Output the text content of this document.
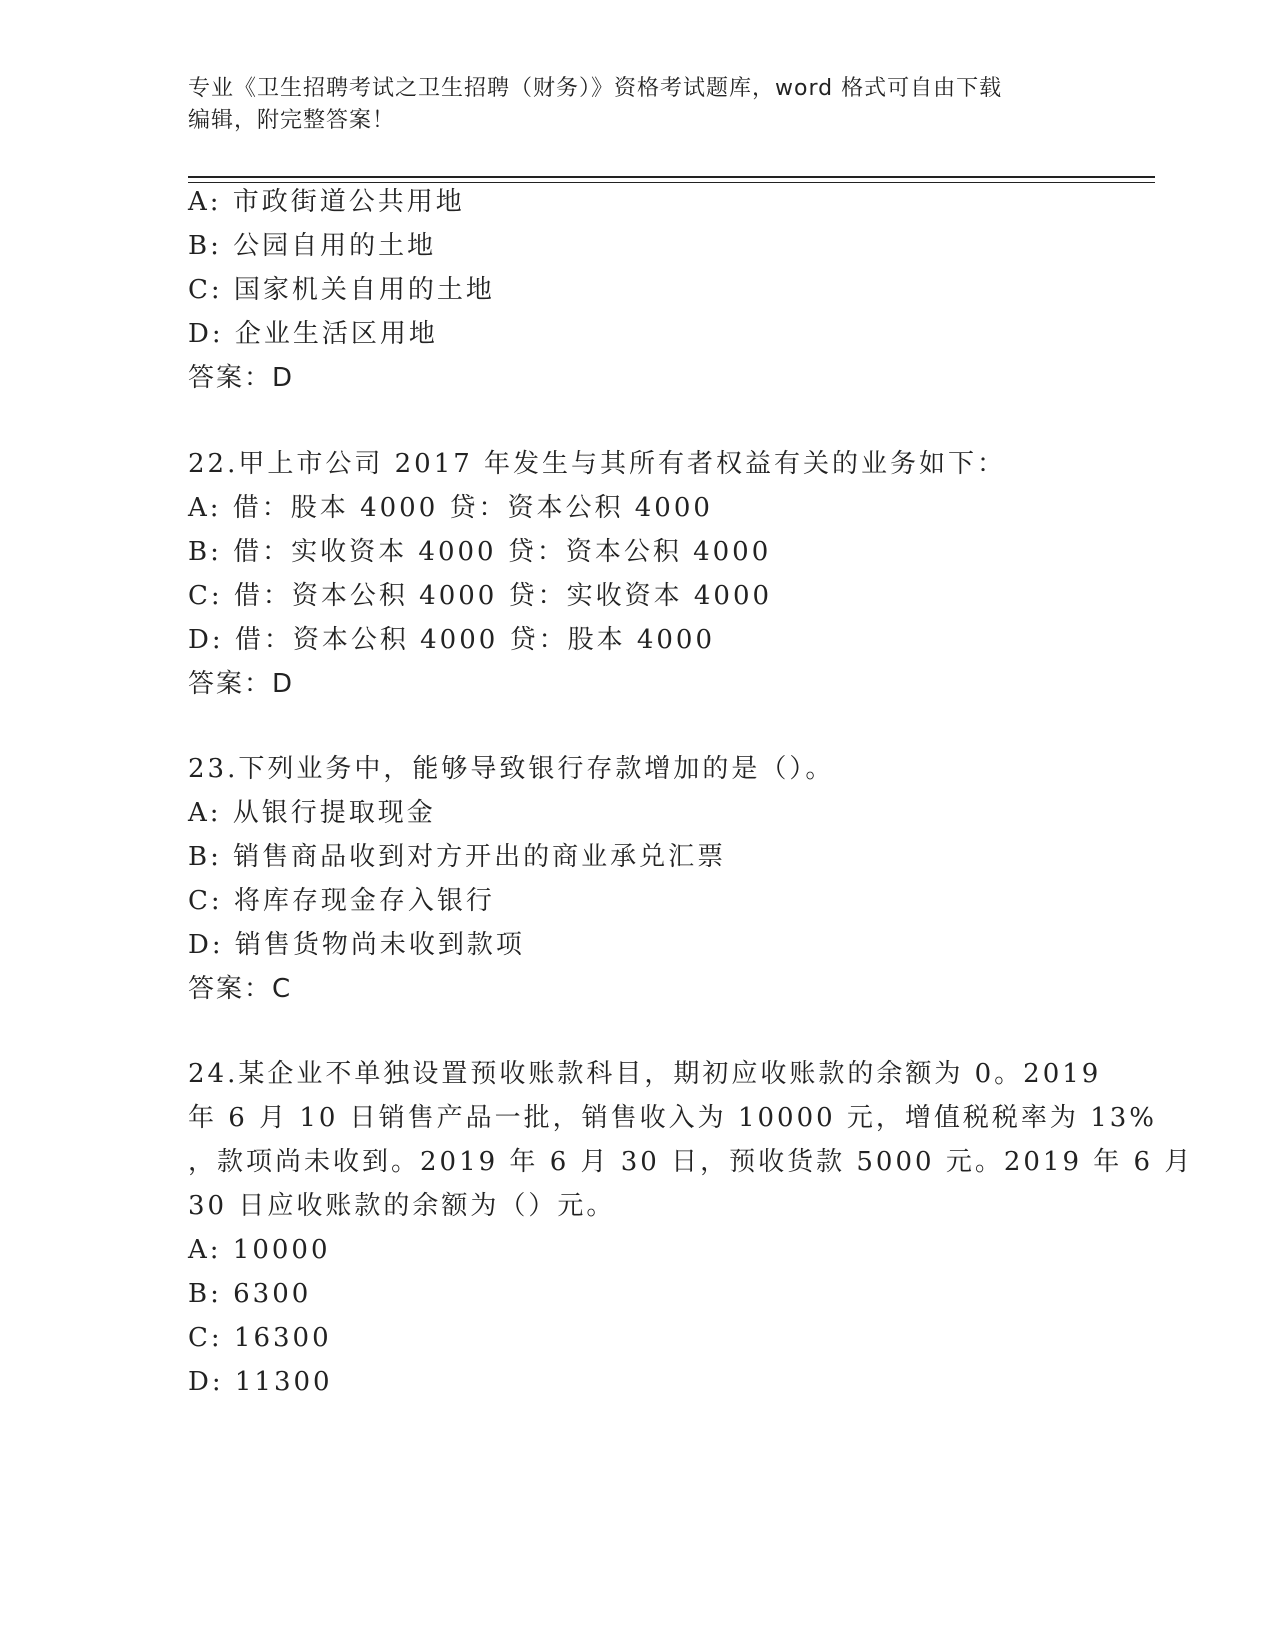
专业《卫生招聘考试之卫生招聘（财务）》资格考试题库，word 格式可自由下载
编辑，附完整答案！
A: 市政街道公共用地
B: 公园自用的土地
C: 国家机关自用的土地
D: 企业生活区用地
答案：D
22.甲上市公司 2017 年发生与其所有者权益有关的业务如下：
A: 借：股本 4000 贷：资本公积 4000
B: 借：实收资本 4000 贷：资本公积 4000
C: 借：资本公积 4000 贷：实收资本 4000
D: 借：资本公积 4000 贷：股本 4000
答案：D
23.下列业务中，能够导致银行存款增加的是（）。
A: 从银行提取现金
B: 销售商品收到对方开出的商业承兑汇票
C: 将库存现金存入银行
D: 销售货物尚未收到款项
答案：C
24.某企业不单独设置预收账款科目，期初应收账款的余额为 0。2019
年 6 月 10 日销售产品一批，销售收入为 10000 元，增值税税率为 13%
，款项尚未收到。2019 年 6 月 30 日，预收货款 5000 元。2019 年 6 月
30 日应收账款的余额为（）元。
A: 10000
B: 6300
C: 16300
D: 11300
